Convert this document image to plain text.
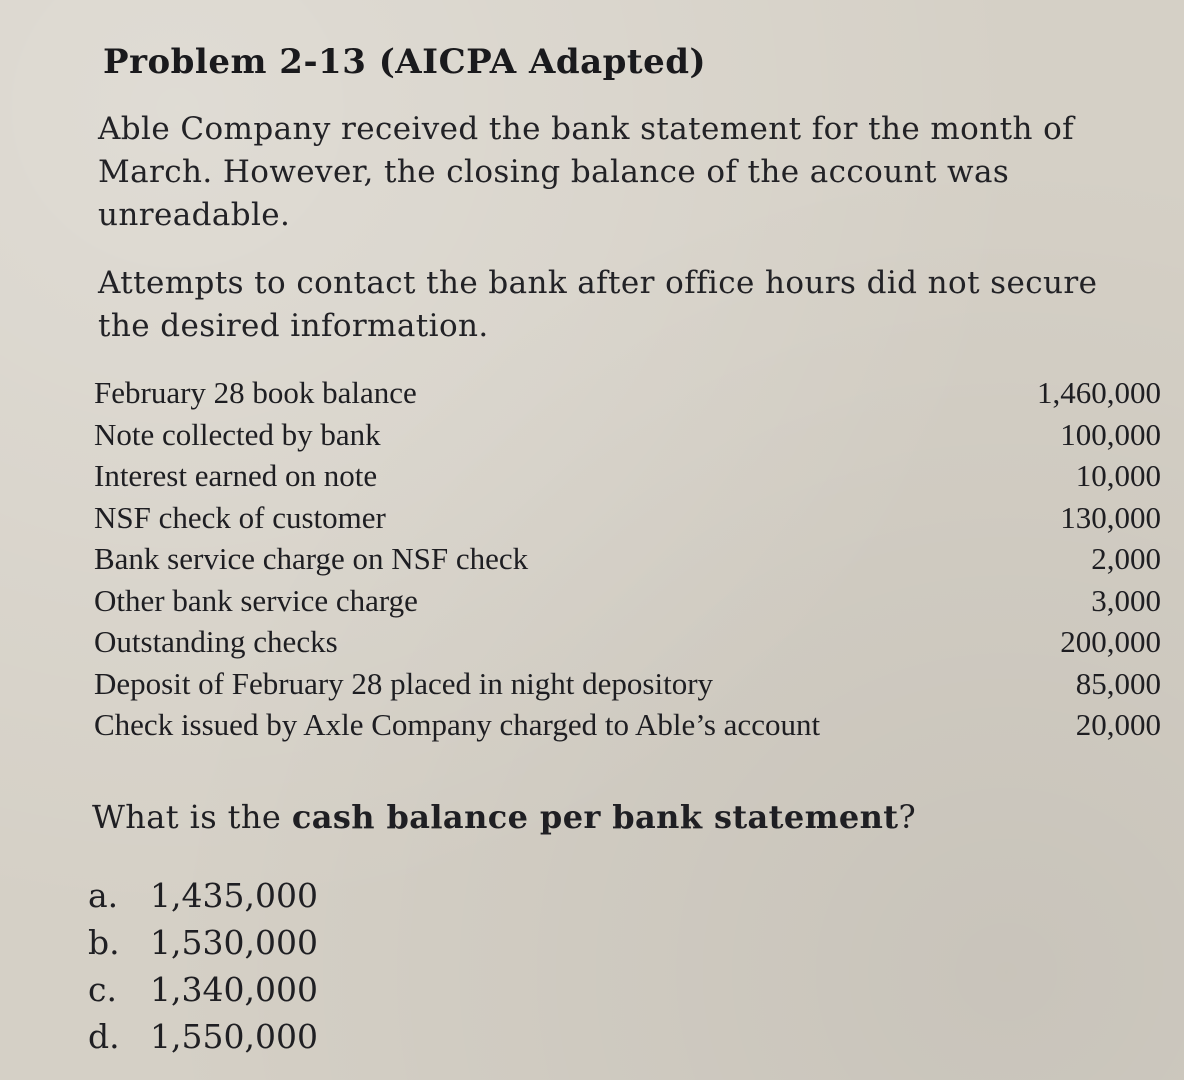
Problem 2-13 (AICPA Adapted)
Able Company received the bank statement for the month of March. However, the closing balance of the account was unreadable.
Attempts to contact the bank after office hours did not secure the desired information.
February 28 book balance	1,460,000
Note collected by bank	100,000
Interest earned on note	10,000
NSF check of customer	130,000
Bank service charge on NSF check	2,000
Other bank service charge	3,000
Outstanding checks	200,000
Deposit of February 28 placed in night depository	85,000
Check issued by Axle Company charged to Able’s account	20,000
What is the cash balance per bank statement?
a. 1,435,000
b. 1,530,000
c. 1,340,000
d. 1,550,000
